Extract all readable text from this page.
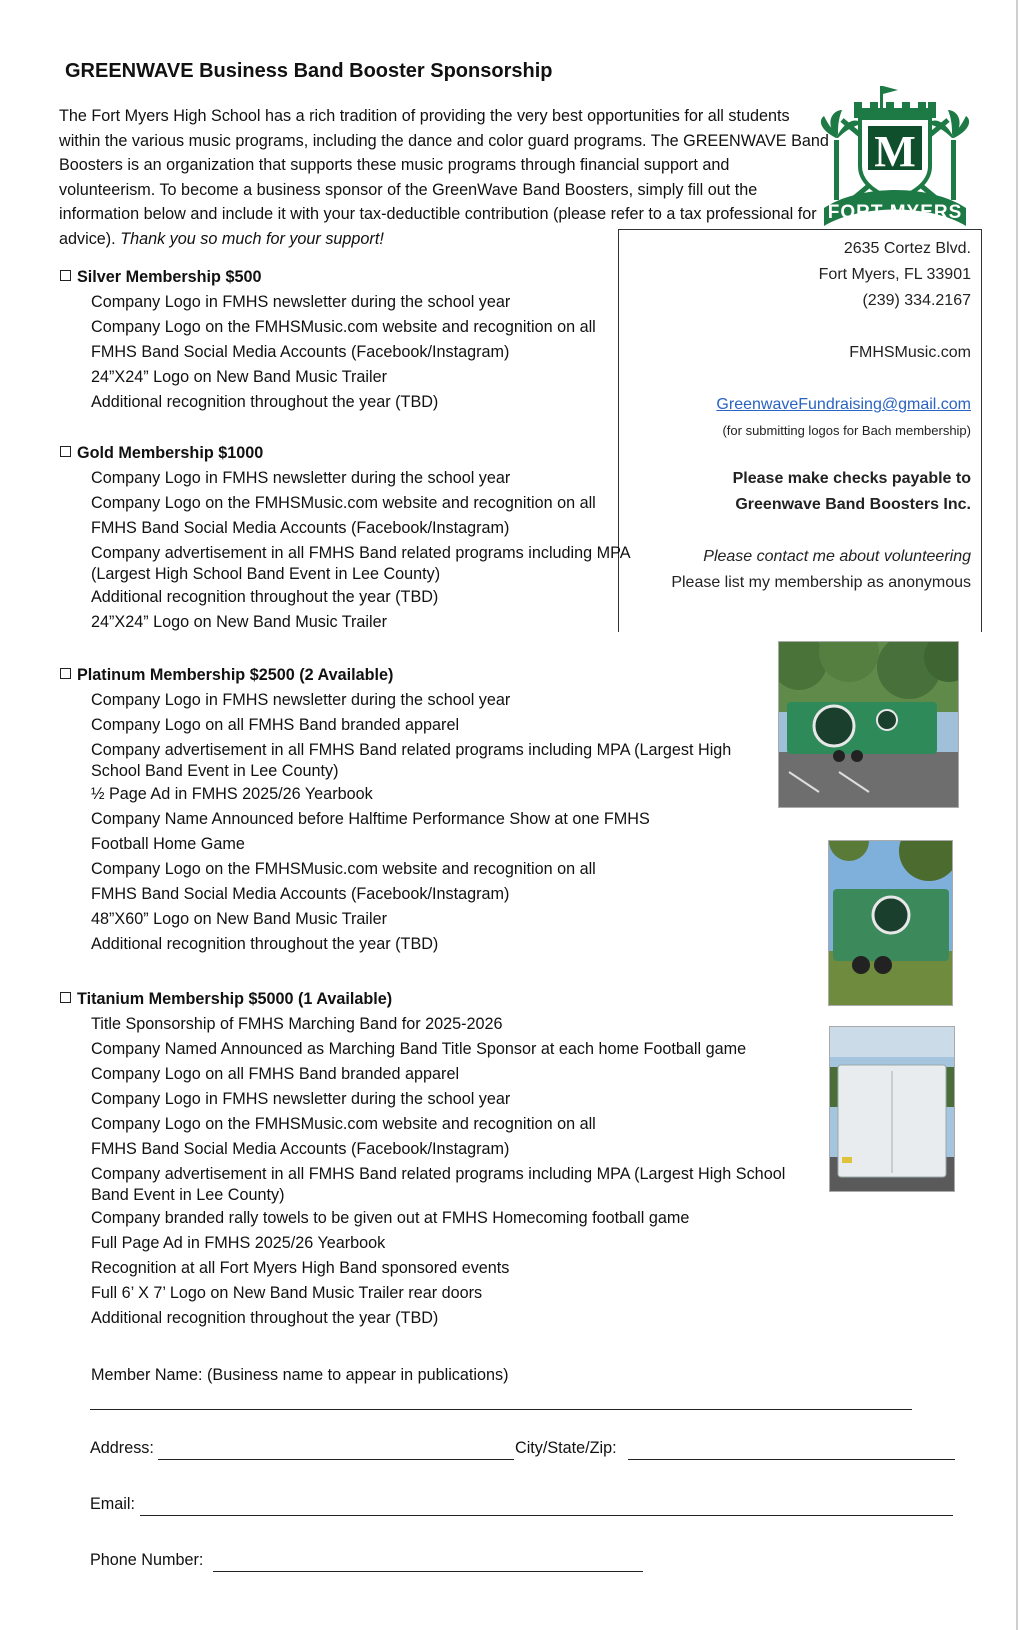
GREENWAVE Business Band Booster Sponsorship
The Fort Myers High School has a rich tradition of providing the very best opportunities for all students within the various music programs, including the dance and color guard programs. The GREENWAVE Band Boosters is an organization that supports these music programs through financial support and volunteerism. To become a business sponsor of the GreenWave Band Boosters, simply fill out the information below and include it with your tax-deductible contribution (please refer to a tax professional for advice). Thank you so much for your support!
M
FORT MYERS
2635 Cortez Blvd.
Fort Myers, FL 33901
(239) 334.2167
FMHSMusic.com
GreenwaveFundraising@gmail.com
(for submitting logos for Bach membership)
Please make checks payable to
Greenwave Band Boosters Inc.
Please contact me about volunteering
Please list my membership as anonymous
Silver Membership $500
Company Logo in FMHS newsletter during the school year
Company Logo on the FMHSMusic.com website and recognition on all
FMHS Band Social Media Accounts (Facebook/Instagram)
24”X24” Logo on New Band Music Trailer
Additional recognition throughout the year (TBD)
Gold Membership $1000
Company Logo in FMHS newsletter during the school year
Company Logo on the FMHSMusic.com website and recognition on all
FMHS Band Social Media Accounts (Facebook/Instagram)
Company advertisement in all FMHS Band related programs including MPA (Largest High School Band Event in Lee County)
Additional recognition throughout the year (TBD)
24”X24” Logo on New Band Music Trailer
Platinum Membership $2500 (2 Available)
Company Logo in FMHS newsletter during the school year
Company Logo on all FMHS Band branded apparel
Company advertisement in all FMHS Band related programs including MPA (Largest High School Band Event in Lee County)
½ Page Ad in FMHS 2025/26 Yearbook
Company Name Announced before Halftime Performance Show at one FMHS
Football Home Game
Company Logo on the FMHSMusic.com website and recognition on all
FMHS Band Social Media Accounts (Facebook/Instagram)
48”X60” Logo on New Band Music Trailer
Additional recognition throughout the year (TBD)
Titanium Membership $5000 (1 Available)
Title Sponsorship of FMHS Marching Band for 2025-2026
Company Named Announced as Marching Band Title Sponsor at each home Football game
Company Logo on all FMHS Band branded apparel
Company Logo in FMHS newsletter during the school year
Company Logo on the FMHSMusic.com website and recognition on all
FMHS Band Social Media Accounts (Facebook/Instagram)
Company advertisement in all FMHS Band related programs including MPA (Largest High School Band Event in Lee County)
Company branded rally towels to be given out at FMHS Homecoming football game
Full Page Ad in FMHS 2025/26 Yearbook
Recognition at all Fort Myers High Band sponsored events
Full 6’ X 7’ Logo on New Band Music Trailer rear doors
Additional recognition throughout the year (TBD)
Member Name: (Business name to appear in publications)
Address:	City/State/Zip:
Email:
Phone Number:
